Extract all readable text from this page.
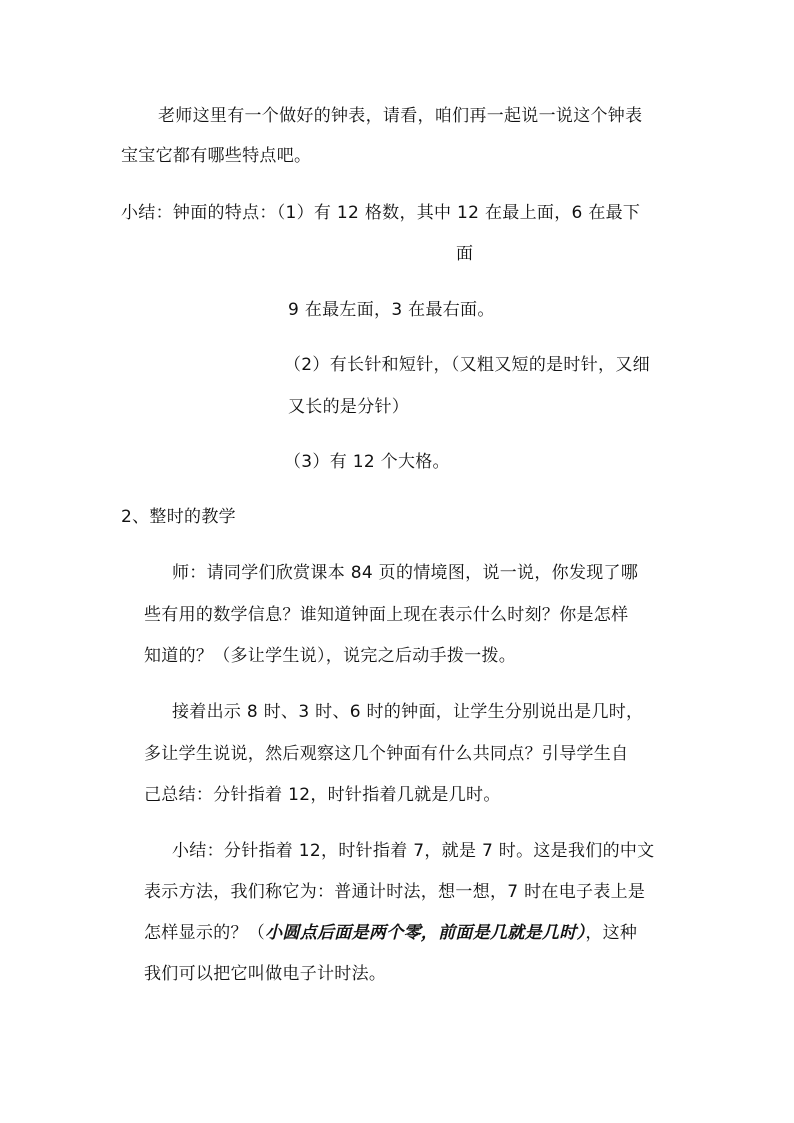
老师这里有一个做好的钟表，请看，咱们再一起说一说这个钟表
宝宝它都有哪些特点吧。
小结：钟面的特点：（1）有 12 格数，其中 12 在最上面，6 在最下
面
9 在最左面，3 在最右面。
（2）有长针和短针，（又粗又短的是时针，又细
又长的是分针）
（3）有 12 个大格。
2、整时的教学
师：请同学们欣赏课本 84 页的情境图，说一说，你发现了哪
些有用的数学信息？谁知道钟面上现在表示什么时刻？你是怎样
知道的？（多让学生说），说完之后动手拨一拨。
接着出示 8 时、3 时、6 时的钟面，让学生分别说出是几时，
多让学生说说，然后观察这几个钟面有什么共同点？引导学生自
己总结：分针指着 12，时针指着几就是几时。
小结：分针指着 12，时针指着 7，就是 7 时。这是我们的中文
表示方法，我们称它为：普通计时法，想一想，7 时在电子表上是
怎样显示的？（小圆点后面是两个零，前面是几就是几时），这种
我们可以把它叫做电子计时法。
